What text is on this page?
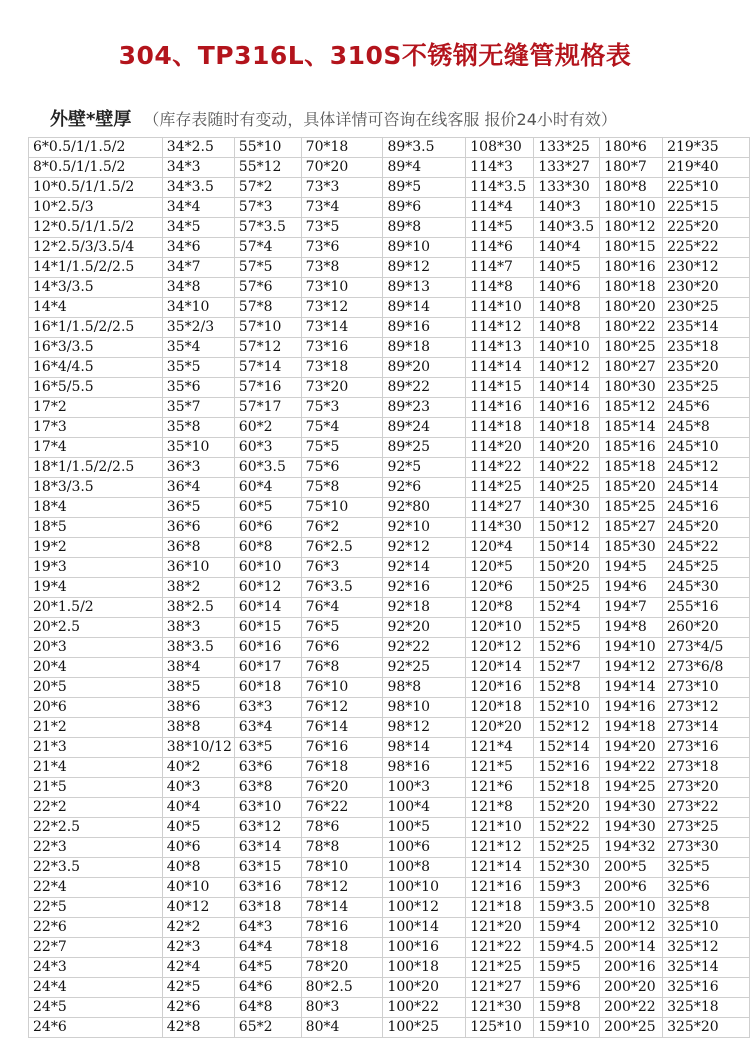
304、TP316L、310S不锈钢无缝管规格表
外壁*壁厚 （库存表随时有变动，具体详情可咨询在线客服 报价24小时有效）
6*0.5/1/1.5/2	34*2.5	55*10	70*18	89*3.5	108*30	133*25	180*6	219*35
8*0.5/1/1.5/2	34*3	55*12	70*20	89*4	114*3	133*27	180*7	219*40
10*0.5/1/1.5/2	34*3.5	57*2	73*3	89*5	114*3.5	133*30	180*8	225*10
10*2.5/3	34*4	57*3	73*4	89*6	114*4	140*3	180*10	225*15
12*0.5/1/1.5/2	34*5	57*3.5	73*5	89*8	114*5	140*3.5	180*12	225*20
12*2.5/3/3.5/4	34*6	57*4	73*6	89*10	114*6	140*4	180*15	225*22
14*1/1.5/2/2.5	34*7	57*5	73*8	89*12	114*7	140*5	180*16	230*12
14*3/3.5	34*8	57*6	73*10	89*13	114*8	140*6	180*18	230*20
14*4	34*10	57*8	73*12	89*14	114*10	140*8	180*20	230*25
16*1/1.5/2/2.5	35*2/3	57*10	73*14	89*16	114*12	140*8	180*22	235*14
16*3/3.5	35*4	57*12	73*16	89*18	114*13	140*10	180*25	235*18
16*4/4.5	35*5	57*14	73*18	89*20	114*14	140*12	180*27	235*20
16*5/5.5	35*6	57*16	73*20	89*22	114*15	140*14	180*30	235*25
17*2	35*7	57*17	75*3	89*23	114*16	140*16	185*12	245*6
17*3	35*8	60*2	75*4	89*24	114*18	140*18	185*14	245*8
17*4	35*10	60*3	75*5	89*25	114*20	140*20	185*16	245*10
18*1/1.5/2/2.5	36*3	60*3.5	75*6	92*5	114*22	140*22	185*18	245*12
18*3/3.5	36*4	60*4	75*8	92*6	114*25	140*25	185*20	245*14
18*4	36*5	60*5	75*10	92*80	114*27	140*30	185*25	245*16
18*5	36*6	60*6	76*2	92*10	114*30	150*12	185*27	245*20
19*2	36*8	60*8	76*2.5	92*12	120*4	150*14	185*30	245*22
19*3	36*10	60*10	76*3	92*14	120*5	150*20	194*5	245*25
19*4	38*2	60*12	76*3.5	92*16	120*6	150*25	194*6	245*30
20*1.5/2	38*2.5	60*14	76*4	92*18	120*8	152*4	194*7	255*16
20*2.5	38*3	60*15	76*5	92*20	120*10	152*5	194*8	260*20
20*3	38*3.5	60*16	76*6	92*22	120*12	152*6	194*10	273*4/5
20*4	38*4	60*17	76*8	92*25	120*14	152*7	194*12	273*6/8
20*5	38*5	60*18	76*10	98*8	120*16	152*8	194*14	273*10
20*6	38*6	63*3	76*12	98*10	120*18	152*10	194*16	273*12
21*2	38*8	63*4	76*14	98*12	120*20	152*12	194*18	273*14
21*3	38*10/12	63*5	76*16	98*14	121*4	152*14	194*20	273*16
21*4	40*2	63*6	76*18	98*16	121*5	152*16	194*22	273*18
21*5	40*3	63*8	76*20	100*3	121*6	152*18	194*25	273*20
22*2	40*4	63*10	76*22	100*4	121*8	152*20	194*30	273*22
22*2.5	40*5	63*12	78*6	100*5	121*10	152*22	194*30	273*25
22*3	40*6	63*14	78*8	100*6	121*12	152*25	194*32	273*30
22*3.5	40*8	63*15	78*10	100*8	121*14	152*30	200*5	325*5
22*4	40*10	63*16	78*12	100*10	121*16	159*3	200*6	325*6
22*5	40*12	63*18	78*14	100*12	121*18	159*3.5	200*10	325*8
22*6	42*2	64*3	78*16	100*14	121*20	159*4	200*12	325*10
22*7	42*3	64*4	78*18	100*16	121*22	159*4.5	200*14	325*12
24*3	42*4	64*5	78*20	100*18	121*25	159*5	200*16	325*14
24*4	42*5	64*6	80*2.5	100*20	121*27	159*6	200*20	325*16
24*5	42*6	64*8	80*3	100*22	121*30	159*8	200*22	325*18
24*6	42*8	65*2	80*4	100*25	125*10	159*10	200*25	325*20
